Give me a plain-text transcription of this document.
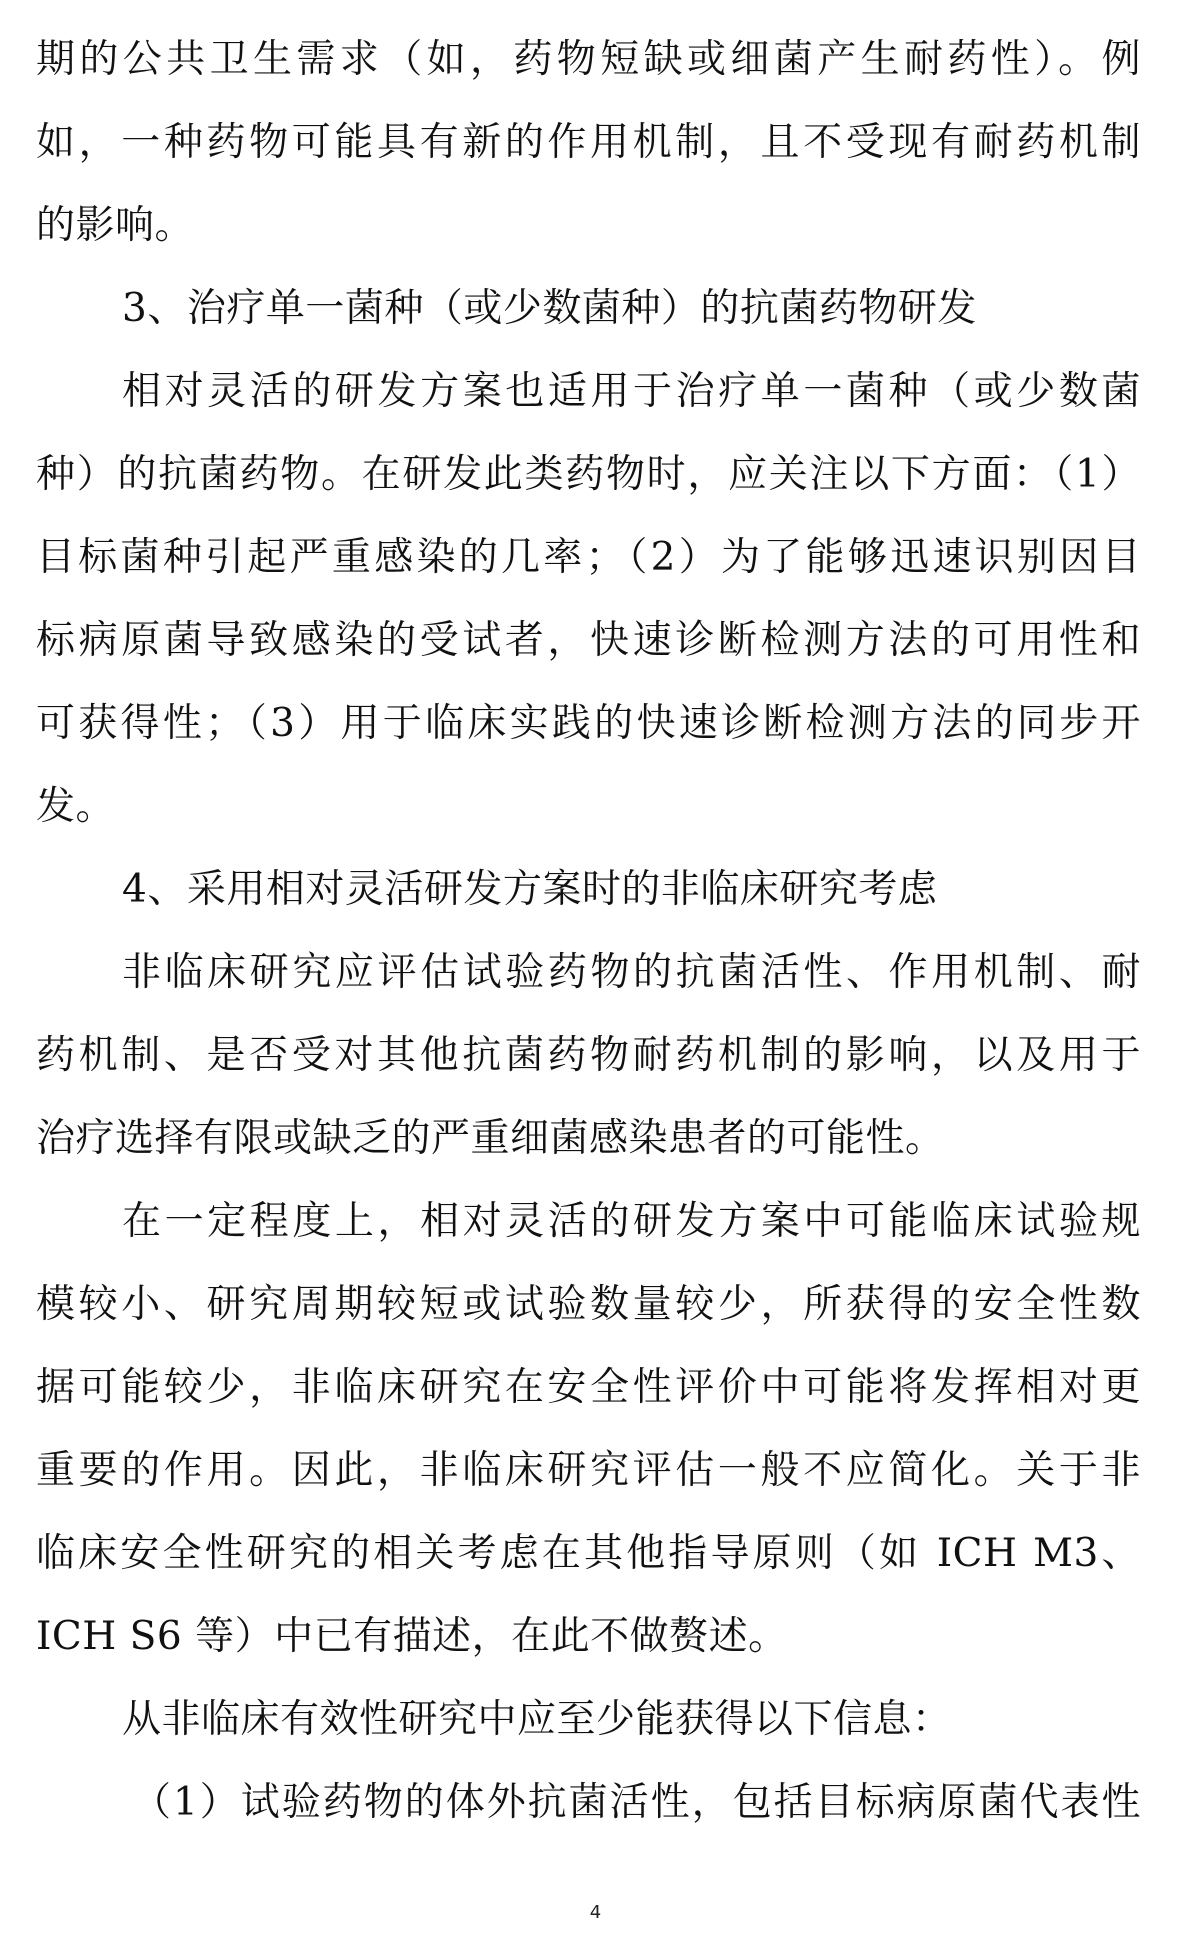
期的公共卫生需求（如，药物短缺或细菌产生耐药性）。例
如，一种药物可能具有新的作用机制，且不受现有耐药机制
的影响。
3、治疗单一菌种（或少数菌种）的抗菌药物研发
相对灵活的研发方案也适用于治疗单一菌种（或少数菌
种）的抗菌药物。在研发此类药物时，应关注以下方面：（1）
目标菌种引起严重感染的几率；（2）为了能够迅速识别因目
标病原菌导致感染的受试者，快速诊断检测方法的可用性和
可获得性；（3）用于临床实践的快速诊断检测方法的同步开
发。
4、采用相对灵活研发方案时的非临床研究考虑
非临床研究应评估试验药物的抗菌活性、作用机制、耐
药机制、是否受对其他抗菌药物耐药机制的影响，以及用于
治疗选择有限或缺乏的严重细菌感染患者的可能性。
在一定程度上，相对灵活的研发方案中可能临床试验规
模较小、研究周期较短或试验数量较少，所获得的安全性数
据可能较少，非临床研究在安全性评价中可能将发挥相对更
重要的作用。因此，非临床研究评估一般不应简化。关于非
临床安全性研究的相关考虑在其他指导原则（如 ICH M3、
ICH S6 等）中已有描述，在此不做赘述。
从非临床有效性研究中应至少能获得以下信息：
（1）试验药物的体外抗菌活性，包括目标病原菌代表性
4
